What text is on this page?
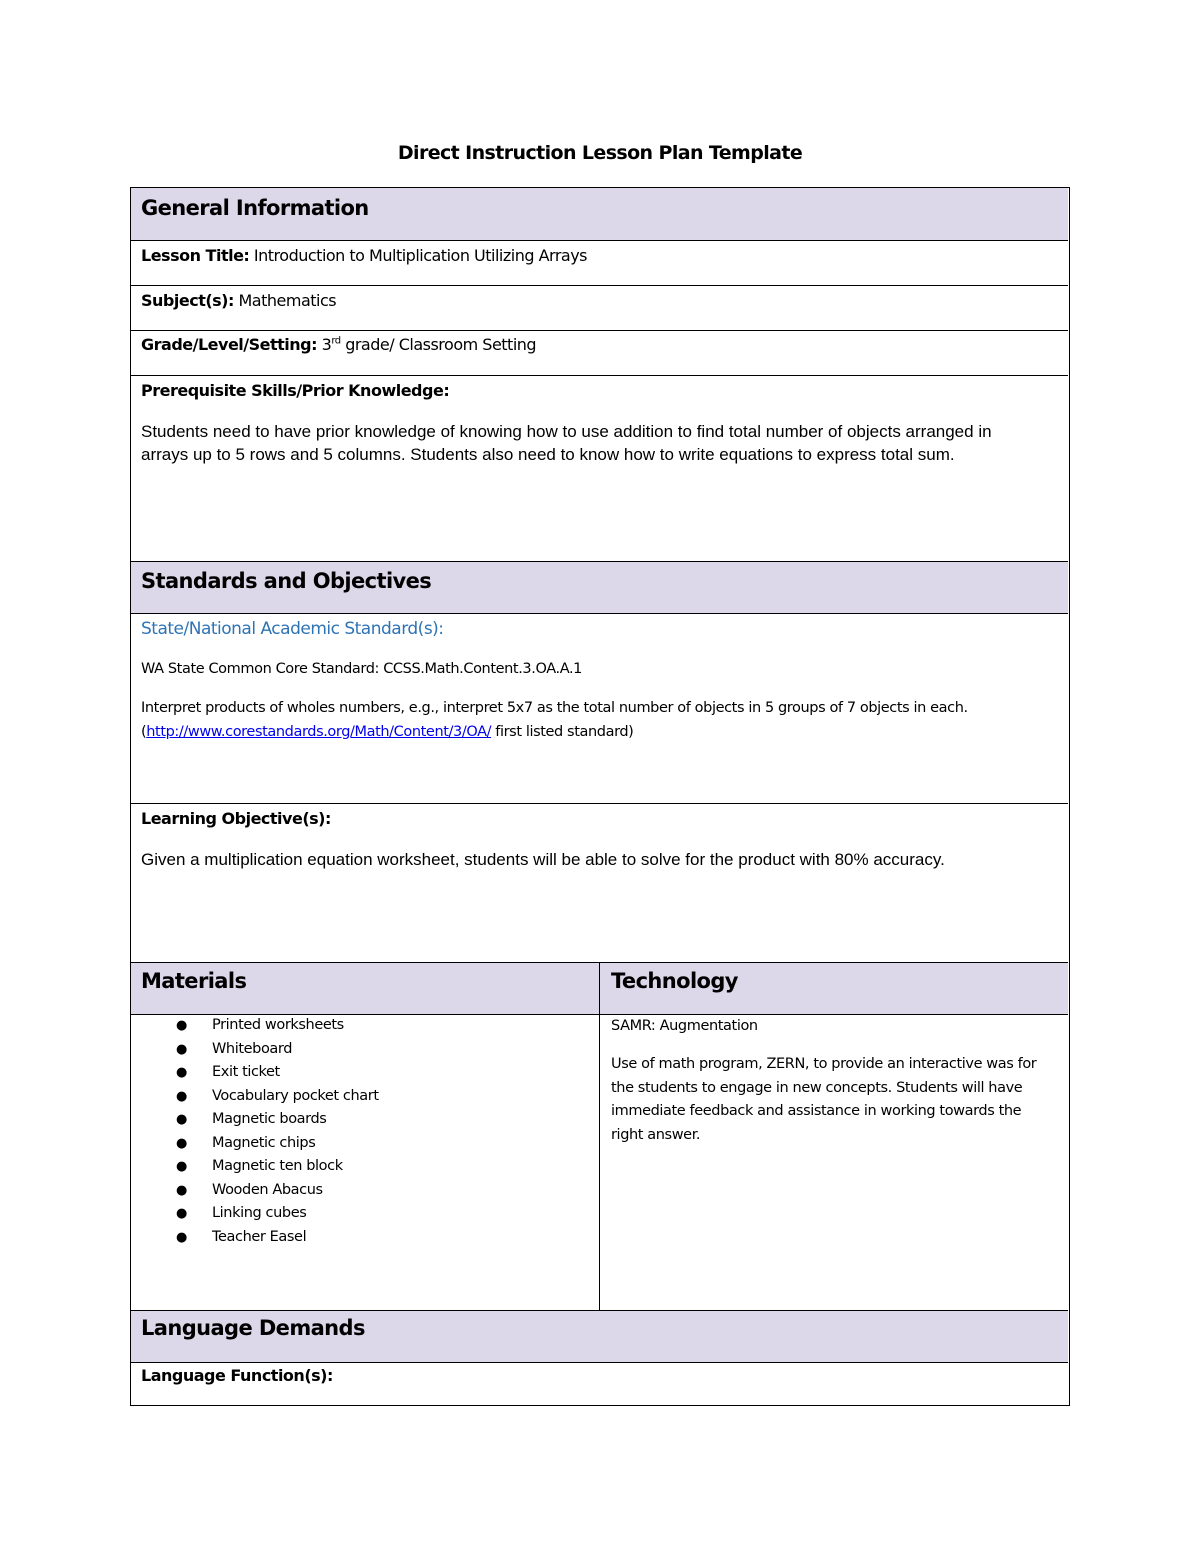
Direct Instruction Lesson Plan Template
General Information
Lesson Title: Introduction to Multiplication Utilizing Arrays
Subject(s): Mathematics
Grade/Level/Setting: 3rd grade/ Classroom Setting
Prerequisite Skills/Prior Knowledge:
Students need to have prior knowledge of knowing how to use addition to find total number of objects arranged in
arrays up to 5 rows and 5 columns. Students also need to know how to write equations to express total sum.
Standards and Objectives
State/National Academic Standard(s):
WA State Common Core Standard: CCSS.Math.Content.3.OA.A.1
Interpret products of wholes numbers, e.g., interpret 5x7 as the total number of objects in 5 groups of 7 objects in each.
(http://www.corestandards.org/Math/Content/3/OA/ first listed standard)
Learning Objective(s):
Given a multiplication equation worksheet, students will be able to solve for the product with 80% accuracy.
Materials
● Printed worksheets
● Whiteboard
● Exit ticket
● Vocabulary pocket chart
● Magnetic boards
● Magnetic chips
● Magnetic ten block
● Wooden Abacus
● Linking cubes
● Teacher Easel
Technology
SAMR: Augmentation
Use of math program, ZERN, to provide an interactive was for
the students to engage in new concepts. Students will have
immediate feedback and assistance in working towards the
right answer.
Language Demands
Language Function(s):
